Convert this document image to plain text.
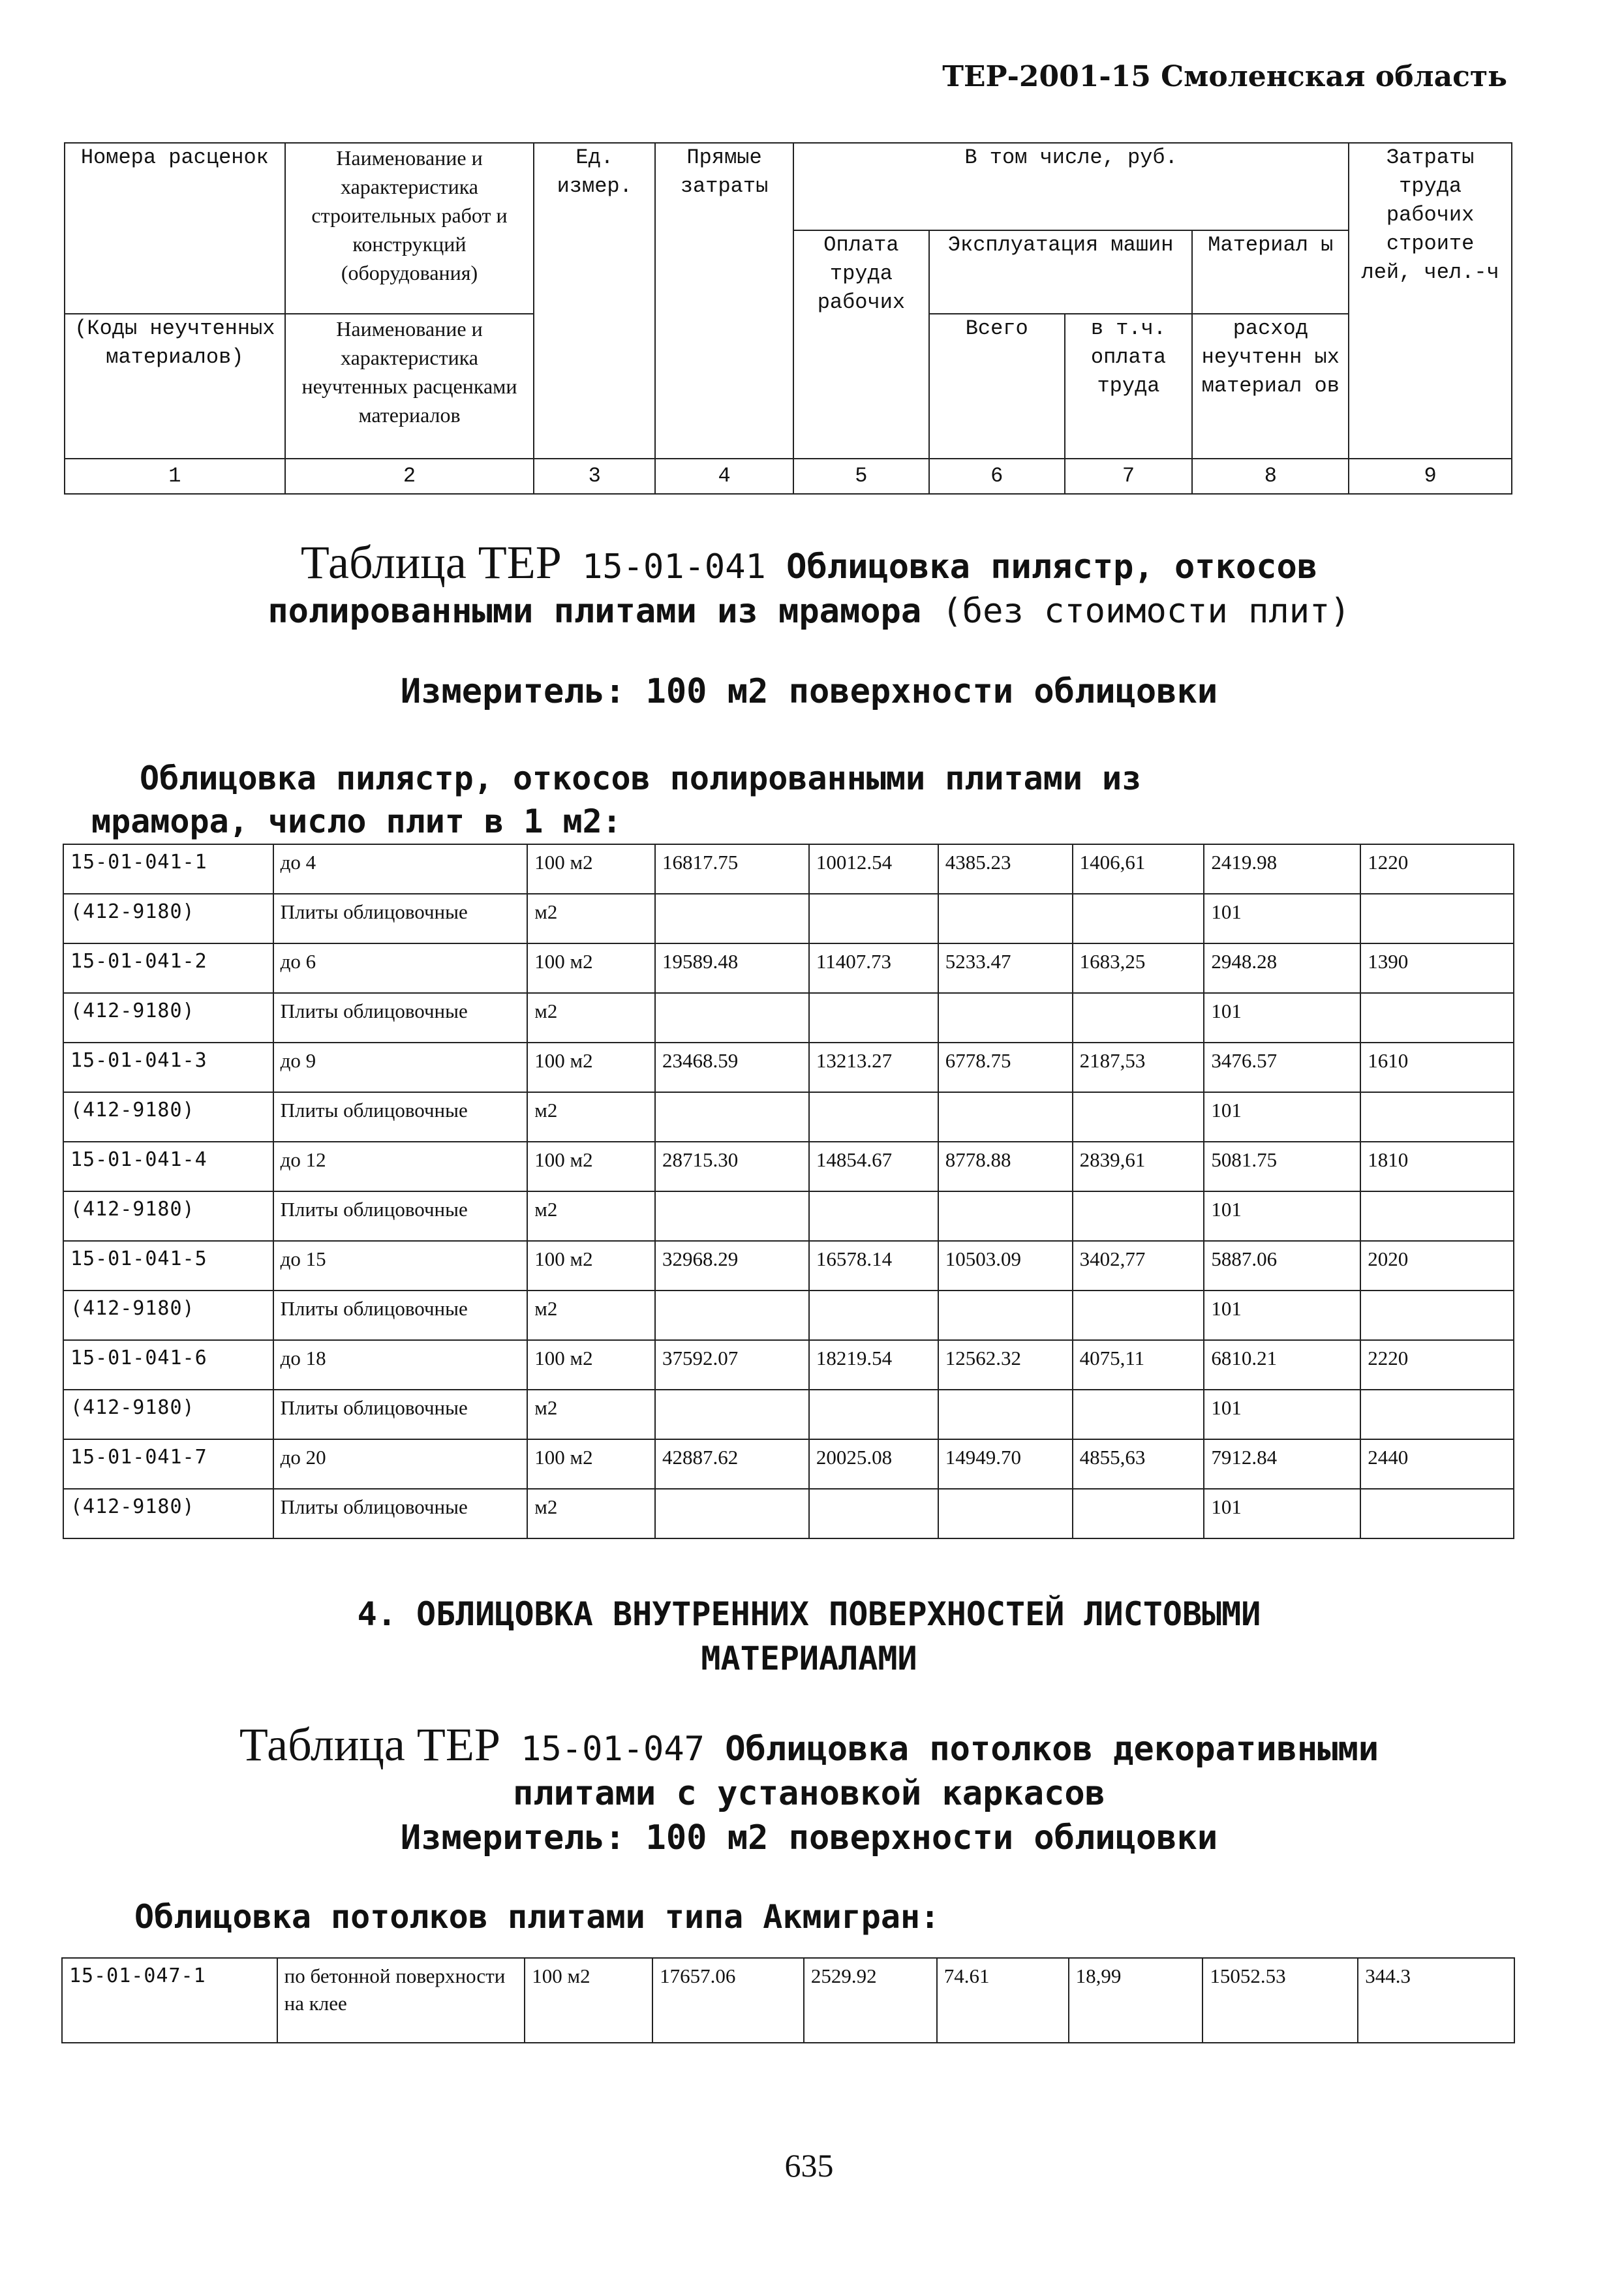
ТЕР-2001-15 Смоленская область
Номера расценок	Наименование и характеристика строительных работ и конструкций (оборудования)	Ед. измер.	Прямые затраты	В том числе, руб.				Затраты труда рабочих строите лей, чел.-ч
				Оплата труда рабочих	Эксплуатация машин		Материал ы	
(Коды неучтенных материалов)	Наименование и характеристика неучтенных расценками материалов				Всего	в т.ч. оплата труда	расход неучтенн ых материал ов	
1	2	3	4	5	6	7	8	9
Таблица ТЕР 15-01-041 Облицовка пилястр, откосов
полированными плитами из мрамора (без стоимости плит)
Измеритель: 100 м2 поверхности облицовки
Облицовка пилястр, откосов полированными плитами из
мрамора, число плит в 1 м2:
15-01-041-1	до 4	100 м2	16817.75	10012.54	4385.23	1406,61	2419.98	1220
(412-9180)	Плиты облицовочные	м2					101	
15-01-041-2	до 6	100 м2	19589.48	11407.73	5233.47	1683,25	2948.28	1390
(412-9180)	Плиты облицовочные	м2					101	
15-01-041-3	до 9	100 м2	23468.59	13213.27	6778.75	2187,53	3476.57	1610
(412-9180)	Плиты облицовочные	м2					101	
15-01-041-4	до 12	100 м2	28715.30	14854.67	8778.88	2839,61	5081.75	1810
(412-9180)	Плиты облицовочные	м2					101	
15-01-041-5	до 15	100 м2	32968.29	16578.14	10503.09	3402,77	5887.06	2020
(412-9180)	Плиты облицовочные	м2					101	
15-01-041-6	до 18	100 м2	37592.07	18219.54	12562.32	4075,11	6810.21	2220
(412-9180)	Плиты облицовочные	м2					101	
15-01-041-7	до 20	100 м2	42887.62	20025.08	14949.70	4855,63	7912.84	2440
(412-9180)	Плиты облицовочные	м2					101	
4. ОБЛИЦОВКА ВНУТРЕННИХ ПОВЕРХНОСТЕЙ ЛИСТОВЫМИ
МАТЕРИАЛАМИ
Таблица ТЕР 15-01-047 Облицовка потолков декоративными
плитами с установкой каркасов
Измеритель: 100 м2 поверхности облицовки
Облицовка потолков плитами типа Акмигран:
15-01-047-1	по бетонной поверхности на клее	100 м2	17657.06	2529.92	74.61	18,99	15052.53	344.3
635
